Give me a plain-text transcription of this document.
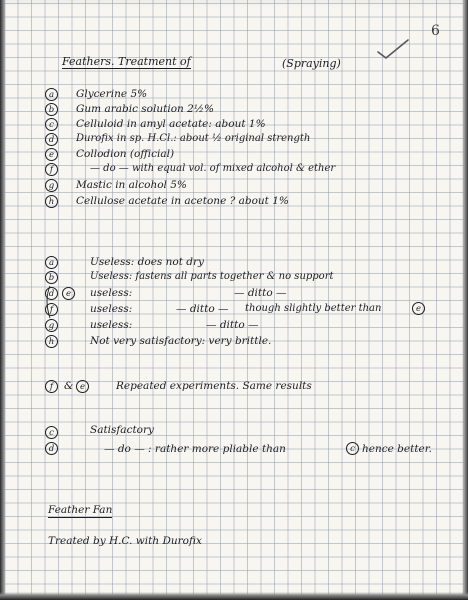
6
Feathers. Treatment of	(Spraying)
a	Glycerine 5%
b	Gum arabic solution 2½%
c	Celluloid in amyl acetate: about 1%
d	Durofix in sp. H.Cl.: about ½ original strength
e	Collodion (official)
f	— do — with equal vol. of mixed alcohol & ether
g	Mastic in alcohol 5%
h	Cellulose acetate in acetone ? about 1%
a	Useless: does not dry
b	Useless: fastens all parts together & no support
d	e	useless:	— ditto —
f	useless:	— ditto — though slightly better than	e
g	useless:	— ditto —
h	Not very satisfactory: very brittle.
f	& e	Repeated experiments. Same results
c	Satisfactory
d	— do — : rather more pliable than	c hence better.
Feather Fan
Treated by H.C. with Durofix
